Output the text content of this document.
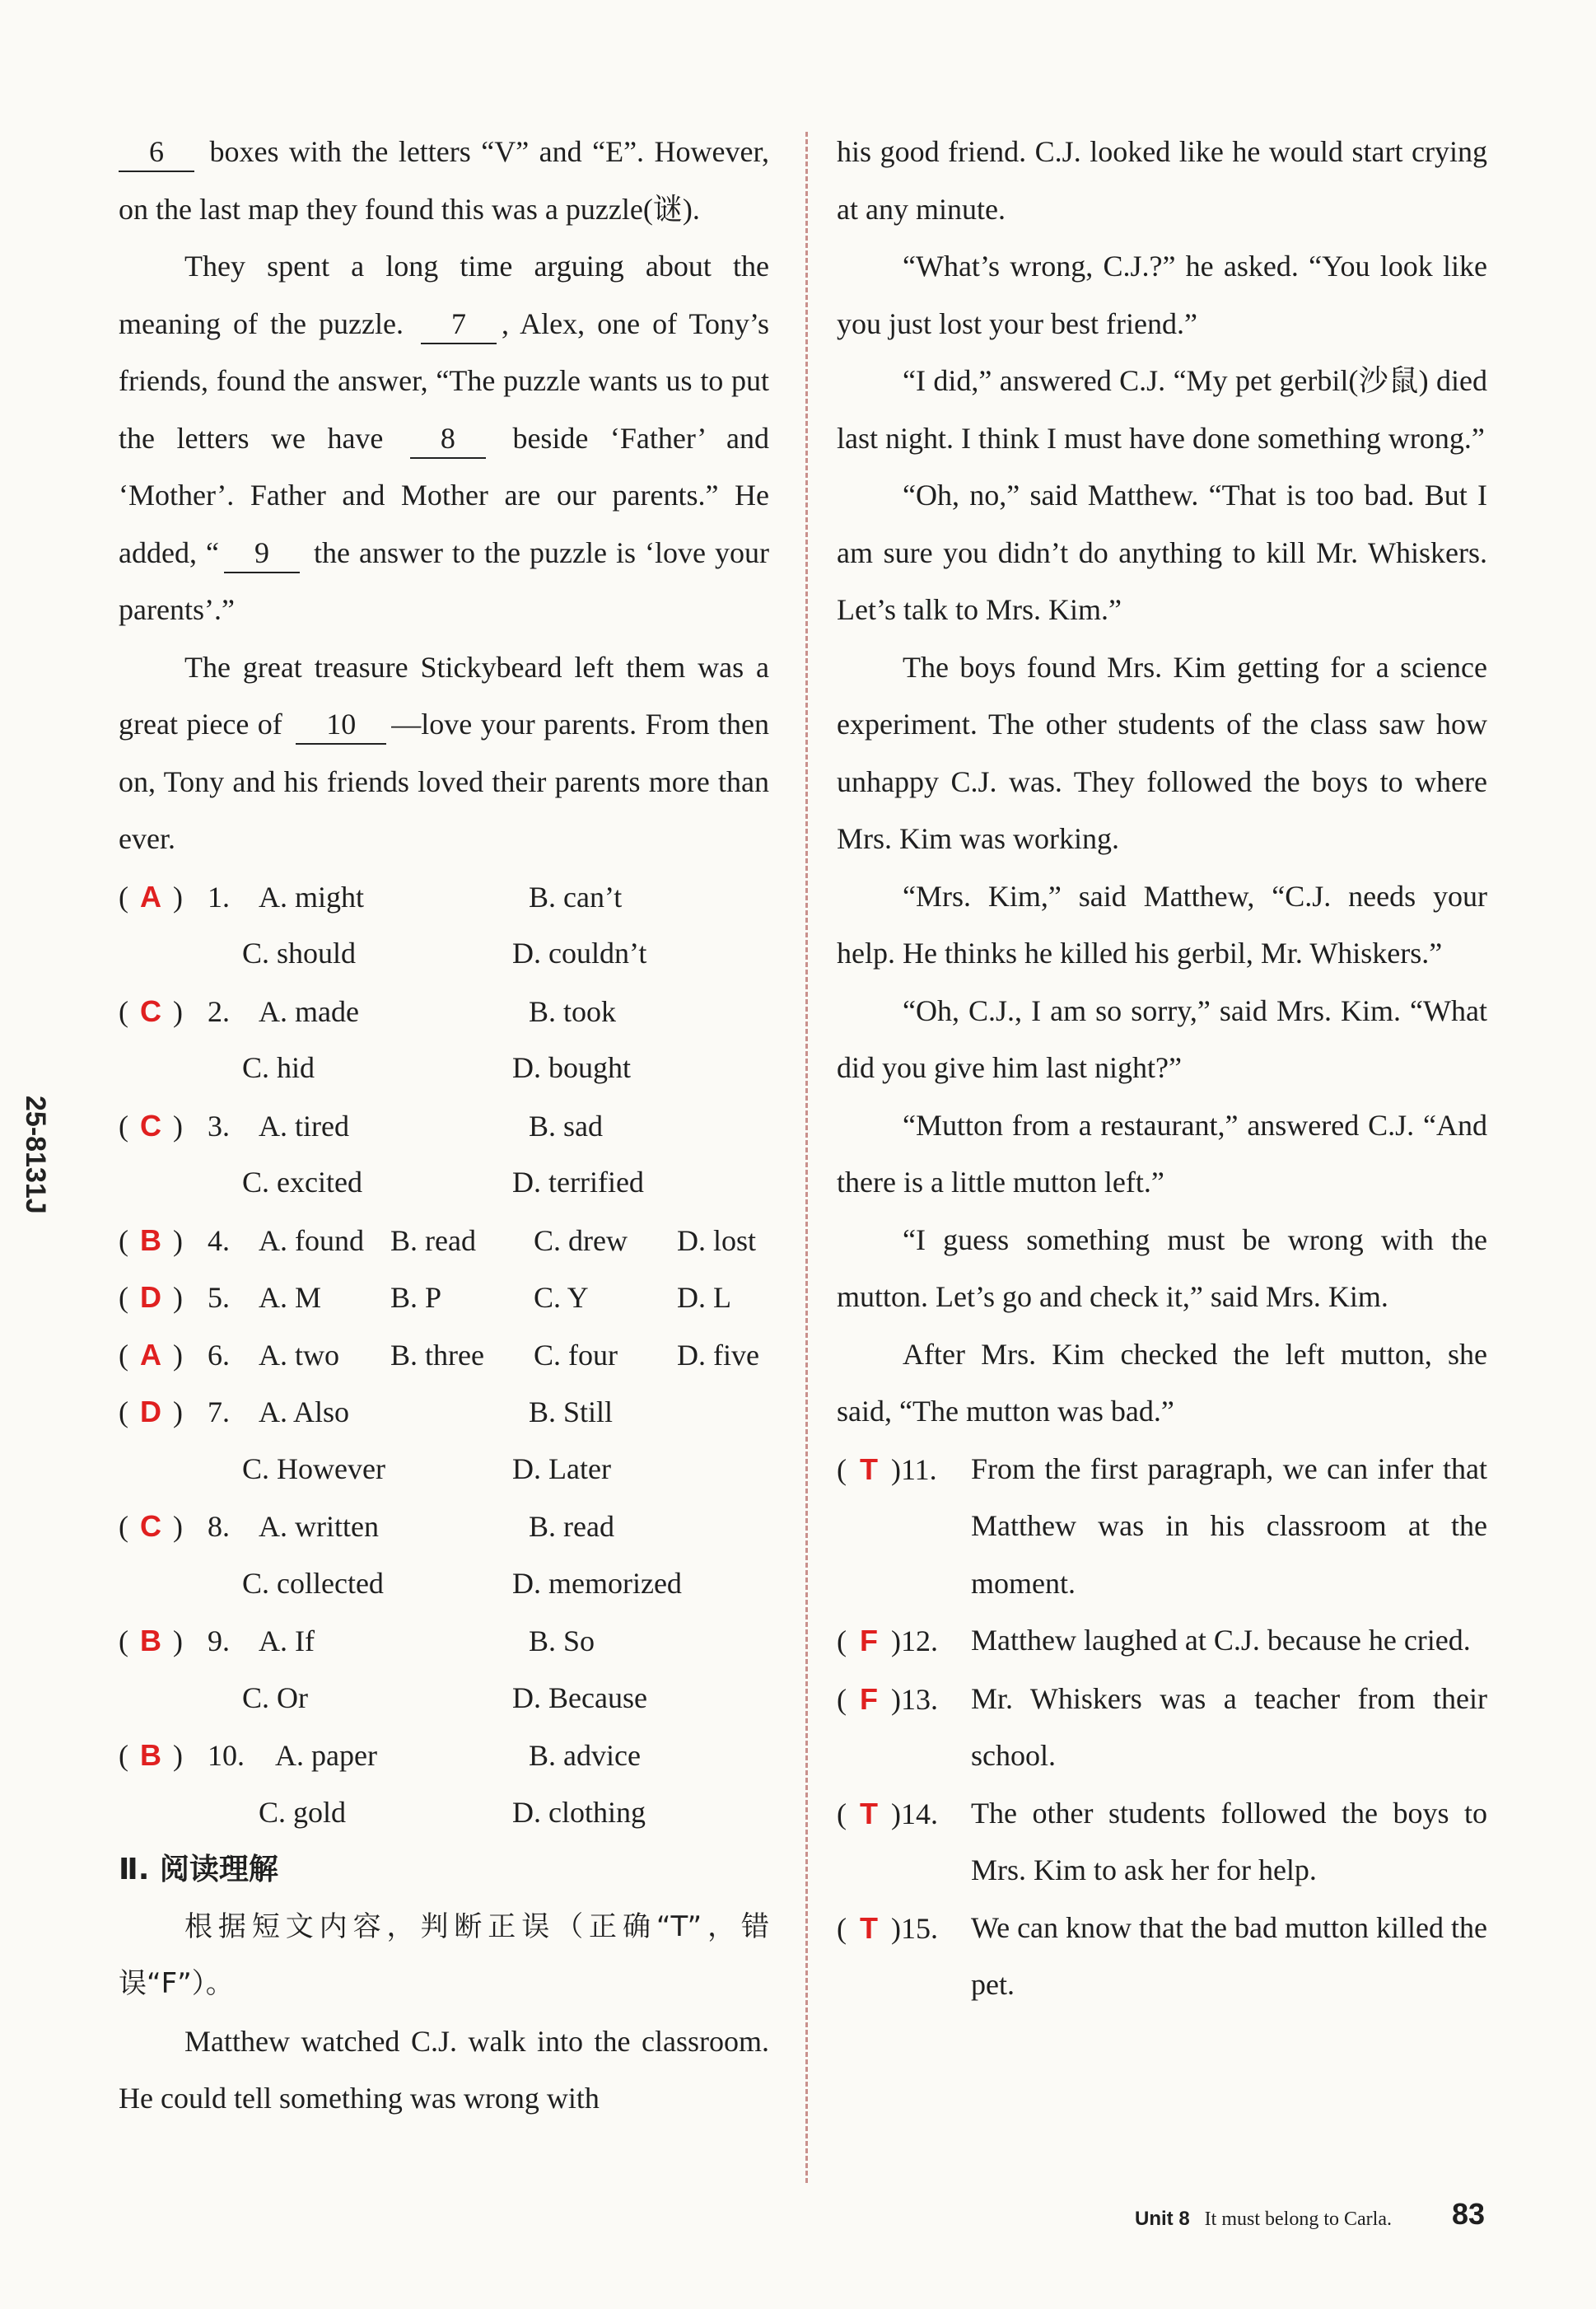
25-8131J

6 boxes with the letters “V” and “E”. However, on the last map they found this was a puzzle(谜).

They spent a long time arguing about the meaning of the puzzle. 7 , Alex, one of Tony’s friends, found the answer, “The puzzle wants us to put the letters we have 8 beside ‘Father’ and ‘Mother’. Father and Mother are our parents.” He added, “ 9 the answer to the puzzle is ‘love your parents’.”

The great treasure Stickybeard left them was a great piece of 10 —love your parents. From then on, Tony and his friends loved their parents more than ever.

( A ) 1. A. might	B. can’t
C. should	D. couldn’t
( C ) 2. A. made	B. took
C. hid	D. bought
( C ) 3. A. tired	B. sad
C. excited	D. terrified
( B ) 4. A. found B. read	C. drew	D. lost
( D ) 5. A. M	B. P	C. Y	D. L
( A ) 6. A. two	B. three	C. four	D. five
( D ) 7. A. Also	B. Still
C. However	D. Later
( C ) 8. A. written	B. read
C. collected	D. memorized
( B ) 9. A. If	B. So
C. Or	D. Because
( B ) 10.	A. paper	B. advice
C. gold	D. clothing

Ⅱ. 阅读理解

根据短文内容，判断正误（正确“T”，错误“F”）。

Matthew watched C.J. walk into the classroom. He could tell something was wrong with

his good friend. C.J. looked like he would start crying at any minute.

“What’s wrong, C.J.?” he asked. “You look like you just lost your best friend.”

“I did,” answered C.J. “My pet gerbil(沙鼠) died last night. I think I must have done something wrong.”

“Oh, no,” said Matthew. “That is too bad. But I am sure you didn’t do anything to kill Mr. Whiskers. Let’s talk to Mrs. Kim.”

The boys found Mrs. Kim getting for a science experiment. The other students of the class saw how unhappy C.J. was. They followed the boys to where Mrs. Kim was working.

“Mrs. Kim,” said Matthew, “C.J. needs your help. He thinks he killed his gerbil, Mr. Whiskers.”

“Oh, C.J., I am so sorry,” said Mrs. Kim. “What did you give him last night?”

“Mutton from a restaurant,” answered C.J. “And there is a little mutton left.”

“I guess something must be wrong with the mutton. Let’s go and check it,” said Mrs. Kim.

After Mrs. Kim checked the left mutton, she said, “The mutton was bad.”

( T )11.	From the first paragraph, we can infer that Matthew was in his classroom at the moment.
( F )12.	Matthew laughed at C.J. because he cried.
( F )13.	Mr. Whiskers was a teacher from their school.
( T )14.	The other students followed the boys to Mrs. Kim to ask her for help.
( T )15.	We can know that the bad mutton killed the pet.
Unit 8 It must belong to Carla. 83
